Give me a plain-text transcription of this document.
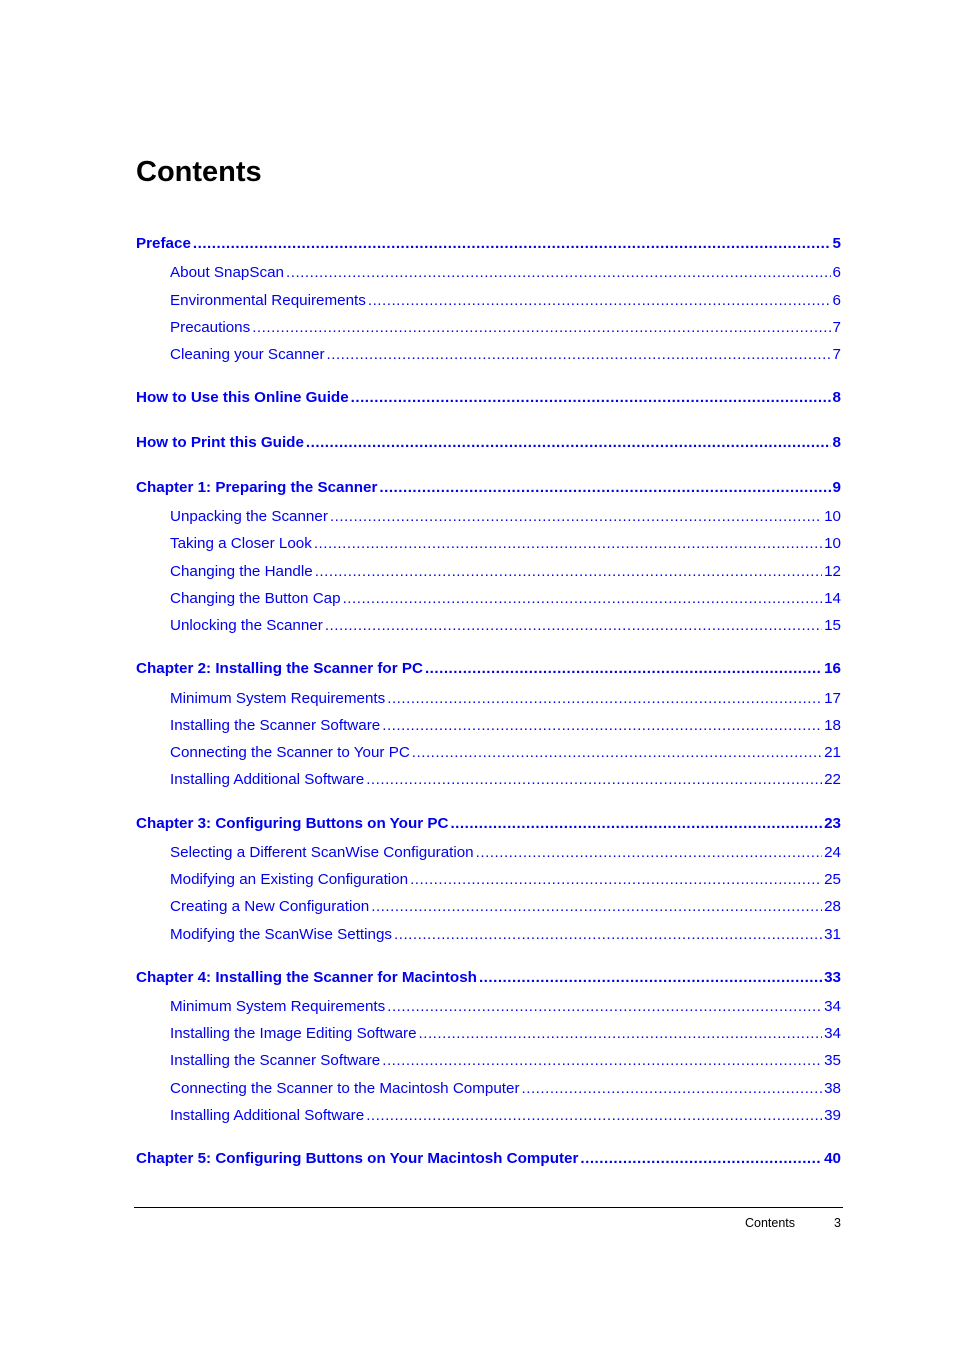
Contents
Preface .....	5
About SnapScan .....	6
Environmental Requirements .....	6
Precautions .....	7
Cleaning your Scanner .....	7
How to Use this Online Guide .....	8
How to Print this Guide .....	8
Chapter 1: Preparing the Scanner .....	9
Unpacking the Scanner .....	10
Taking a Closer Look .....	10
Changing the Handle .....	12
Changing the Button Cap .....	14
Unlocking the Scanner .....	15
Chapter 2: Installing the Scanner for PC .....	16
Minimum System Requirements .....	17
Installing the Scanner Software .....	18
Connecting the Scanner to Your PC .....	21
Installing Additional Software .....	22
Chapter 3: Configuring Buttons on Your PC .....	23
Selecting a Different ScanWise Configuration .....	24
Modifying an Existing Configuration .....	25
Creating a New Configuration .....	28
Modifying the ScanWise Settings .....	31
Chapter 4: Installing the Scanner for Macintosh .....	33
Minimum System Requirements .....	34
Installing the Image Editing Software .....	34
Installing the Scanner Software .....	35
Connecting the Scanner to the Macintosh Computer .....	38
Installing Additional Software .....	39
Chapter 5: Configuring Buttons on Your Macintosh Computer .....	40
Contents	3
